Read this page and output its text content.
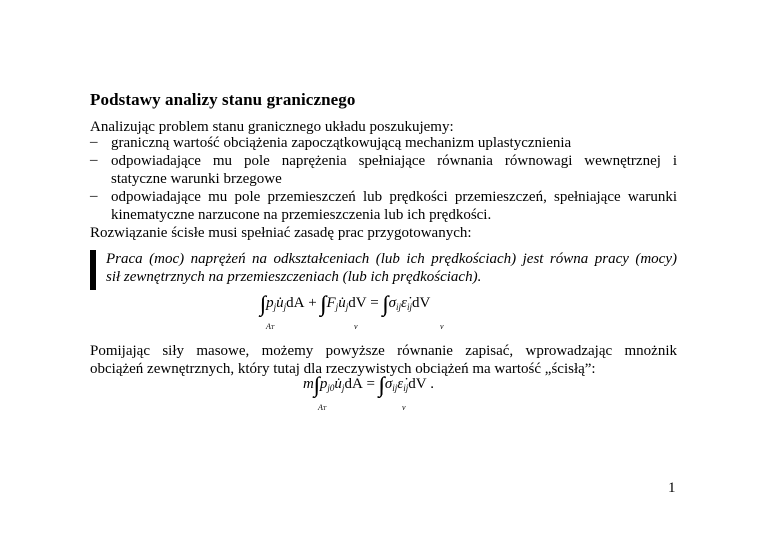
Podstawy analizy stanu granicznego
Analizując problem stanu granicznego układu poszukujemy:
– graniczną wartość obciążenia zapoczątkowującą mechanizm uplastycznienia
– odpowiadające mu pole naprężenia spełniające równania równowagi wewnętrznej i
statyczne warunki brzegowe
– odpowiadające mu pole przemieszczeń lub prędkości przemieszczeń, spełniające warunki
kinematyczne narzucone na przemieszczenia lub ich prędkości.
Rozwiązanie ścisłe musi spełniać zasadę prac przygotowanych:
Praca (moc) naprężeń na odkształceniach (lub ich prędkościach) jest równa pracy (mocy)
sił zewnętrznych na przemieszczeniach (lub ich prędkościach).
∫∫ $p_ju̇_jdA$ + ∫∫∫ $F_ju̇_jdV$ = ∫∫∫ $\sigma_{ij}\varepsiloṅ_{ij}dV$
AT	v	v
Pomijając siły masowe, możemy powyższe równanie zapisać, wprowadzając mnożnik
obciążeń zewnętrznych, który tutaj dla rzeczywistych obciążeń ma wartość „ścisłą”:
m∫∫ $p_{j0}u̇_jdA$ = ∫∫∫ $\sigma_{ij}\varepsiloṅ_{ij}dV$ .
AT	v
1
